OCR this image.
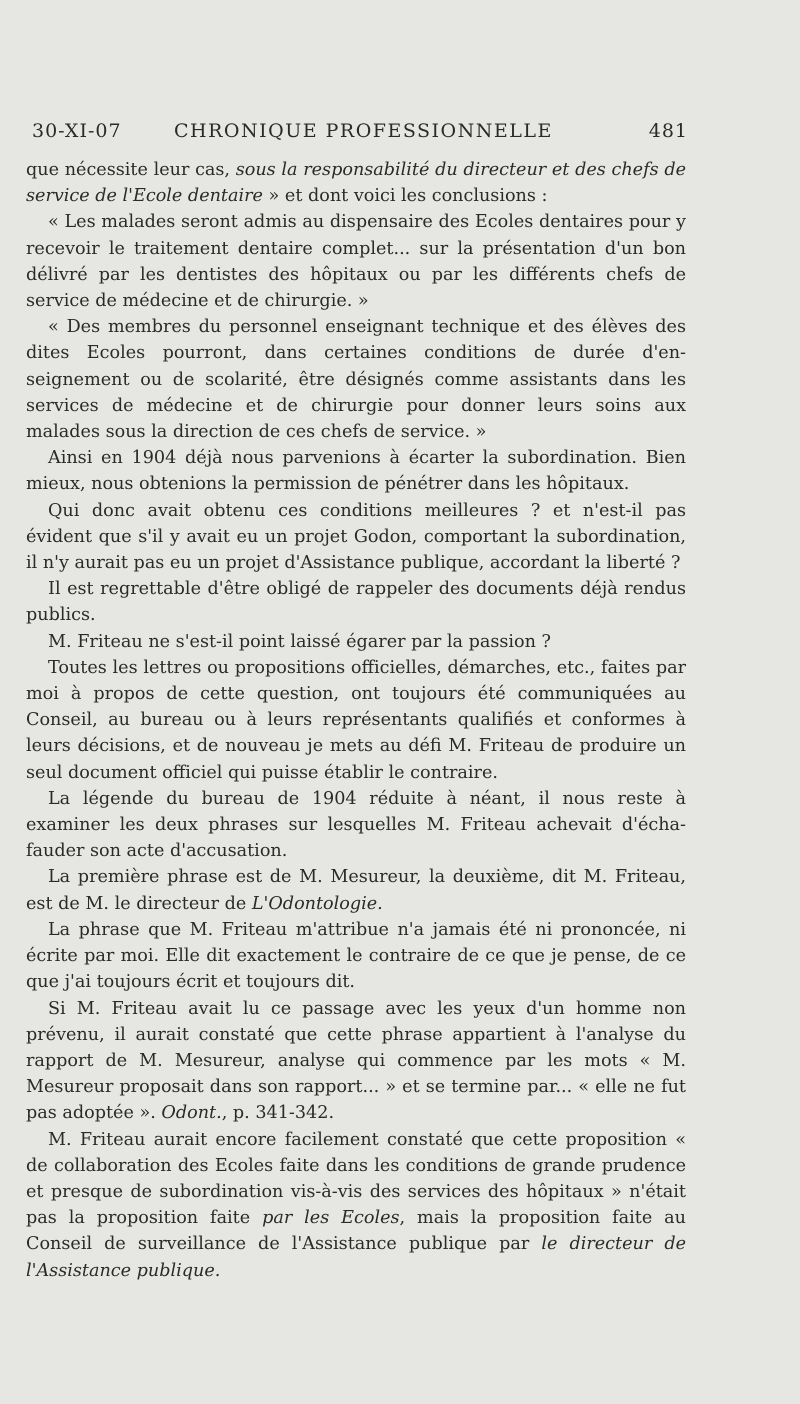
30-XI-07	CHRONIQUE PROFESSIONNELLE	481

que nécessite leur cas, sous la responsabilité du directeur et des chefs de service de l'Ecole dentaire » et dont voici les conclusions :

« Les malades seront admis au dispensaire des Ecoles dentaires pour y recevoir le traitement dentaire complet... sur la présentation d'un bon délivré par les dentistes des hôpitaux ou par les différents chefs de service de médecine et de chirurgie. »

« Des membres du personnel enseignant technique et des élèves des dites Ecoles pourront, dans certaines conditions de durée d'enseignement ou de scolarité, être désignés comme assistants dans les services de médecine et de chirurgie pour donner leurs soins aux malades sous la direction de ces chefs de service. »

Ainsi en 1904 déjà nous parvenions à écarter la subordination. Bien mieux, nous obtenions la permission de pénétrer dans les hôpitaux.

Qui donc avait obtenu ces conditions meilleures ? et n'est-il pas évident que s'il y avait eu un projet Godon, comportant la subordination, il n'y aurait pas eu un projet d'Assistance publique, accordant la liberté ?

Il est regrettable d'être obligé de rappeler des documents déjà rendus publics.

M. Friteau ne s'est-il point laissé égarer par la passion ?

Toutes les lettres ou propositions officielles, démarches, etc., faites par moi à propos de cette question, ont toujours été communiquées au Conseil, au bureau ou à leurs représentants qualifiés et conformes à leurs décisions, et de nouveau je mets au défi M. Friteau de produire un seul document officiel qui puisse établir le contraire.

La légende du bureau de 1904 réduite à néant, il nous reste à examiner les deux phrases sur lesquelles M. Friteau achevait d'échafauder son acte d'accusation.

La première phrase est de M. Mesureur, la deuxième, dit M. Friteau, est de M. le directeur de L'Odontologie.

La phrase que M. Friteau m'attribue n'a jamais été ni prononcée, ni écrite par moi. Elle dit exactement le contraire de ce que je pense, de ce que j'ai toujours écrit et toujours dit.

Si M. Friteau avait lu ce passage avec les yeux d'un homme non prévenu, il aurait constaté que cette phrase appartient à l'analyse du rapport de M. Mesureur, analyse qui commence par les mots « M. Mesureur proposait dans son rapport... » et se termine par... « elle ne fut pas adoptée ». Odont., p. 341-342.

M. Friteau aurait encore facilement constaté que cette proposition « de collaboration des Ecoles faite dans les conditions de grande prudence et presque de subordination vis-à-vis des services des hôpitaux » n'était pas la proposition faite par les Ecoles, mais la proposition faite au Conseil de surveillance de l'Assistance publique par le directeur de l'Assistance publique.
